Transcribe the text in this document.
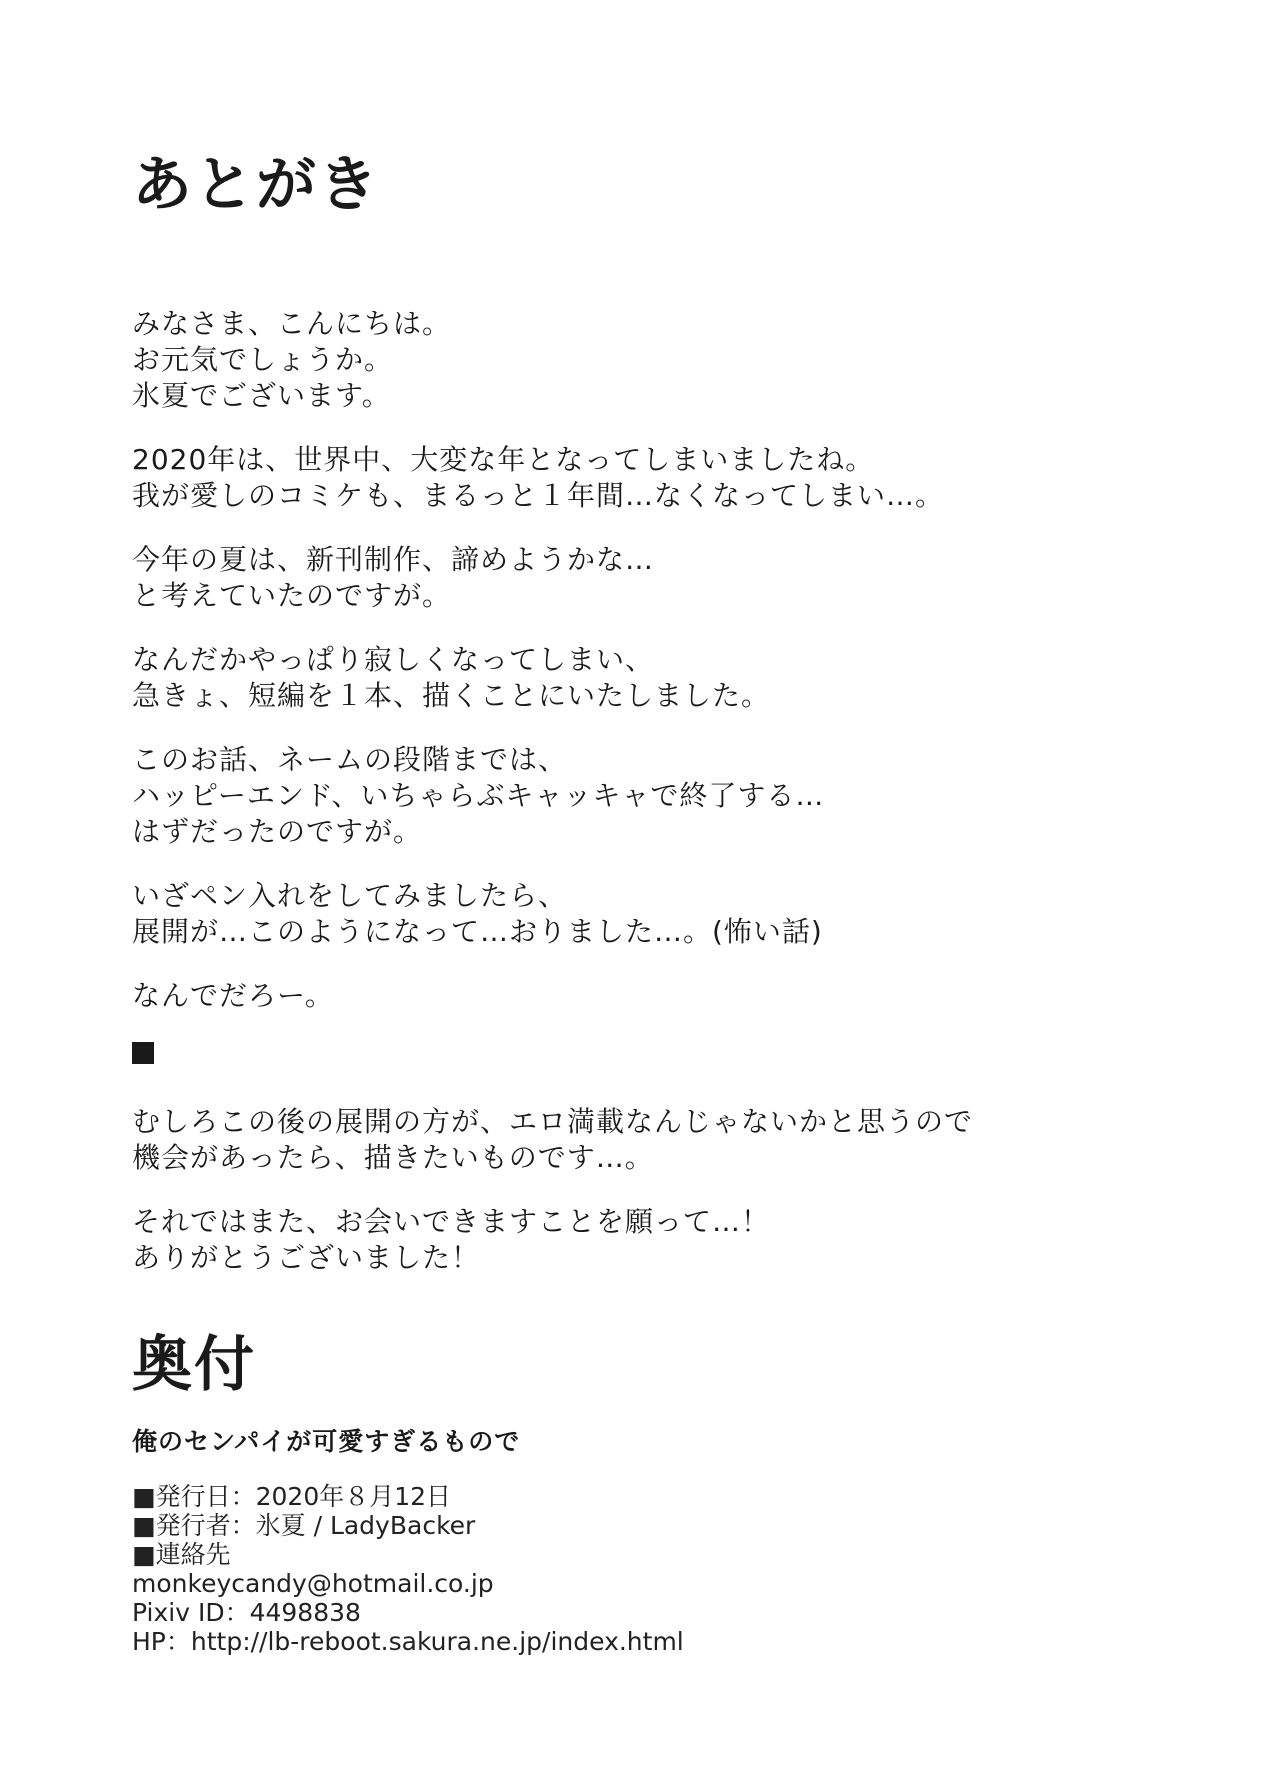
あとがき
みなさま、こんにちは。
お元気でしょうか。
氷夏でございます。
2020年は、世界中、大変な年となってしまいましたね。
我が愛しのコミケも、まるっと１年間…なくなってしまい…。
今年の夏は、新刊制作、諦めようかな…
と考えていたのですが。
なんだかやっぱり寂しくなってしまい、
急きょ、短編を１本、描くことにいたしました。
このお話、ネームの段階までは、
ハッピーエンド、いちゃらぶキャッキャで終了する…
はずだったのですが。
いざペン入れをしてみましたら、
展開が…このようになって…おりました…。(怖い話)
なんでだろー。
むしろこの後の展開の方が、エロ満載なんじゃないかと思うので
機会があったら、描きたいものです…。
それではまた、お会いできますことを願って…！
ありがとうございました！
奥付
俺のセンパイが可愛すぎるもので
■発行日：2020年８月12日
■発行者：氷夏 / LadyBacker
■連絡先
monkeycandy@hotmail.co.jp
Pixiv ID：4498838
HP：http://lb-reboot.sakura.ne.jp/index.html
